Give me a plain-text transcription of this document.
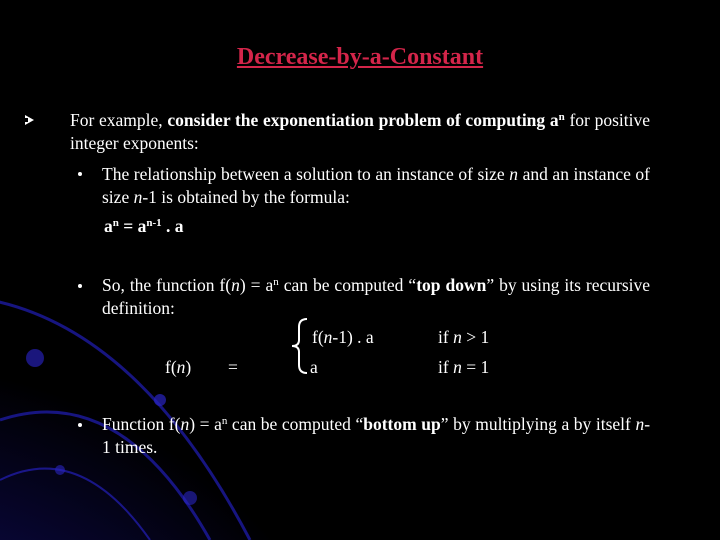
Decrease-by-a-Constant
For example, consider the exponentiation problem of computing $a^n$ for positive integer exponents:
The relationship between a solution to an instance of size n and an instance of size n-1 is obtained by the formula:
$a^n = a^{n-1}$ . a
So, the function $f(n) = a^n$ can be computed “top down” by using its recursive definition:
f(n-1) . a	if n > 1
f(n) =	a	if n = 1
Function $f(n) = a^n$ can be computed “bottom up” by multiplying a by itself n-1 times.
